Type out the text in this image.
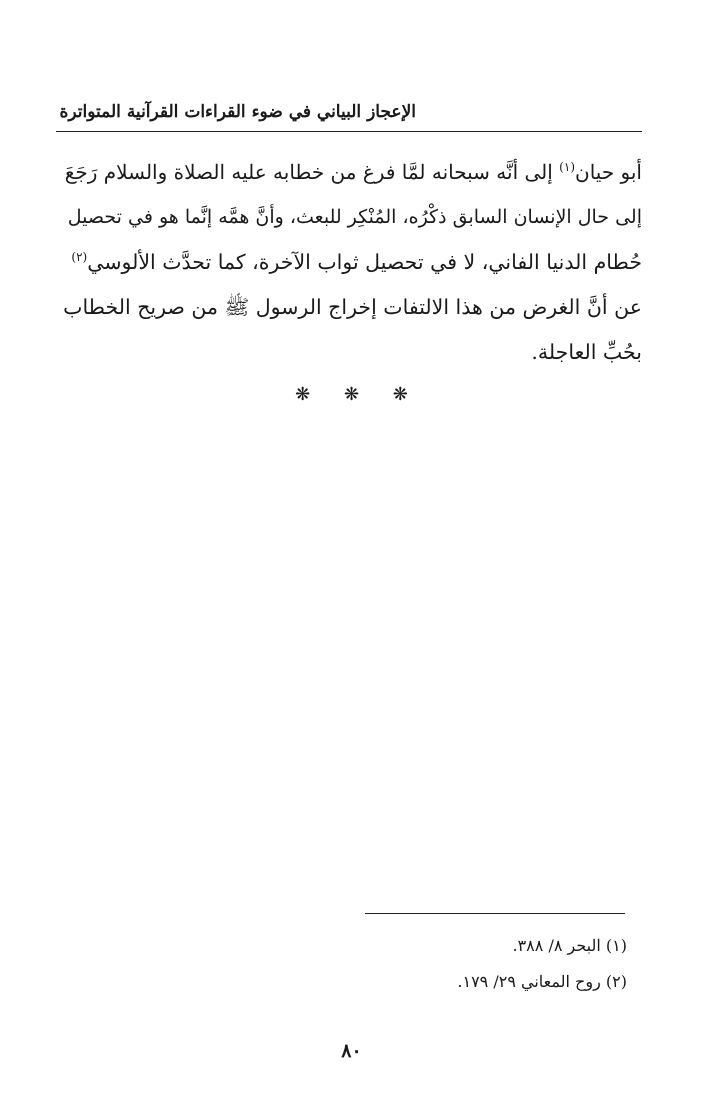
الإعجاز البياني في ضوء القراءات القرآنية المتواترة
أبو حيان$^{(١)}$ إلى أنَّه سبحانه لمَّا فرغ من خطابه عليه الصلاة والسلام رَجَعَ
إلى حال الإنسان السابق ذكْرُه، المُنْكِر للبعث، وأنَّ همَّه إنَّما هو في تحصيل
حُطام الدنيا الفاني، لا في تحصيل ثواب الآخرة، كما تحدَّث الألوسي$^{(٢)}$
عن أنَّ الغرض من هذا الالتفات إخراج الرسول ﷺ من صريح الخطاب
بحُبِّ العاجلة.
❋ ❋ ❋
(١) البحر ٨/ ٣٨٨.
(٢) روح المعاني ٢٩/ ١٧٩.
٨٠
